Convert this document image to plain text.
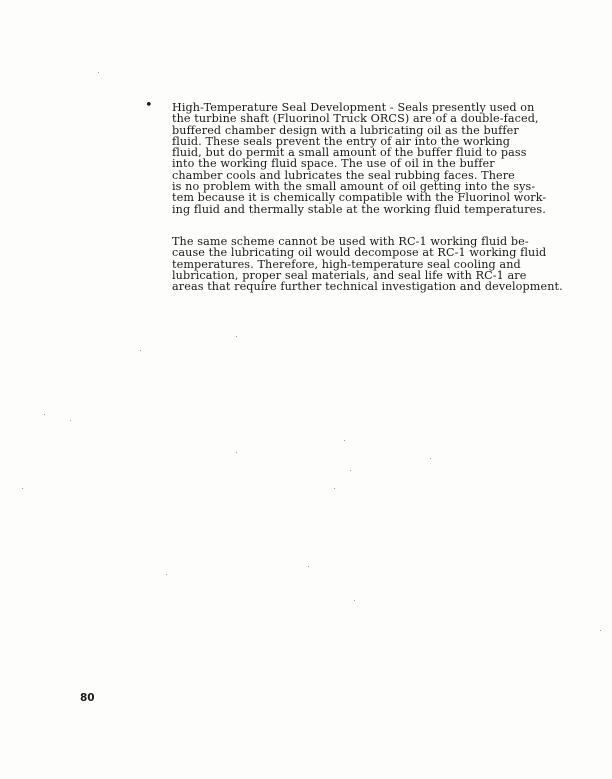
• High-Temperature Seal Development - Seals presently used on
the turbine shaft (Fluorinol Truck ORCS) are of a double-faced,
buffered chamber design with a lubricating oil as the buffer
fluid. These seals prevent the entry of air into the working
fluid, but do permit a small amount of the buffer fluid to pass
into the working fluid space. The use of oil in the buffer
chamber cools and lubricates the seal rubbing faces. There
is no problem with the small amount of oil getting into the sys-
tem because it is chemically compatible with the Fluorinol work-
ing fluid and thermally stable at the working fluid temperatures.
The same scheme cannot be used with RC-1 working fluid be-
cause the lubricating oil would decompose at RC-1 working fluid
temperatures. Therefore, high-temperature seal cooling and
lubrication, proper seal materials, and seal life with RC-1 are
areas that require further technical investigation and development.
80
